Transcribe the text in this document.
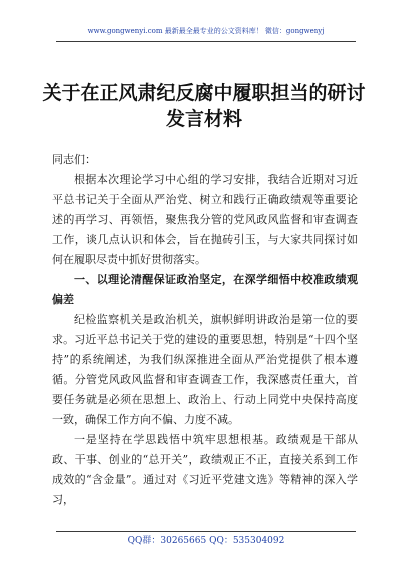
www.gongwenyi.com 最新最全最专业的公文资料库！ 微信：gongwenyj
关于在正风肃纪反腐中履职担当的研讨发言材料

同志们：

根据本次理论学习中心组的学习安排，我结合近期对习近平总书记关于全面从严治党、树立和践行正确政绩观等重要论述的再学习、再领悟，聚焦我分管的党风政风监督和审查调查工作，谈几点认识和体会，旨在抛砖引玉，与大家共同探讨如何在履职尽责中抓好贯彻落实。

一、以理论清醒保证政治坚定，在深学细悟中校准政绩观偏差

纪检监察机关是政治机关，旗帜鲜明讲政治是第一位的要求。习近平总书记关于党的建设的重要思想，特别是“十四个坚持”的系统阐述，为我们纵深推进全面从严治党提供了根本遵循。分管党风政风监督和审查调查工作，我深感责任重大，首要任务就是必须在思想上、政治上、行动上同党中央保持高度一致，确保工作方向不偏、力度不减。

一是坚持在学思践悟中筑牢思想根基。政绩观是干部从政、干事、创业的“总开关”，政绩观正不正，直接关系到工作成效的“含金量”。通过对《习近平党建文选》等精神的深入学习，

QQ群：30265665 QQ：535304092
